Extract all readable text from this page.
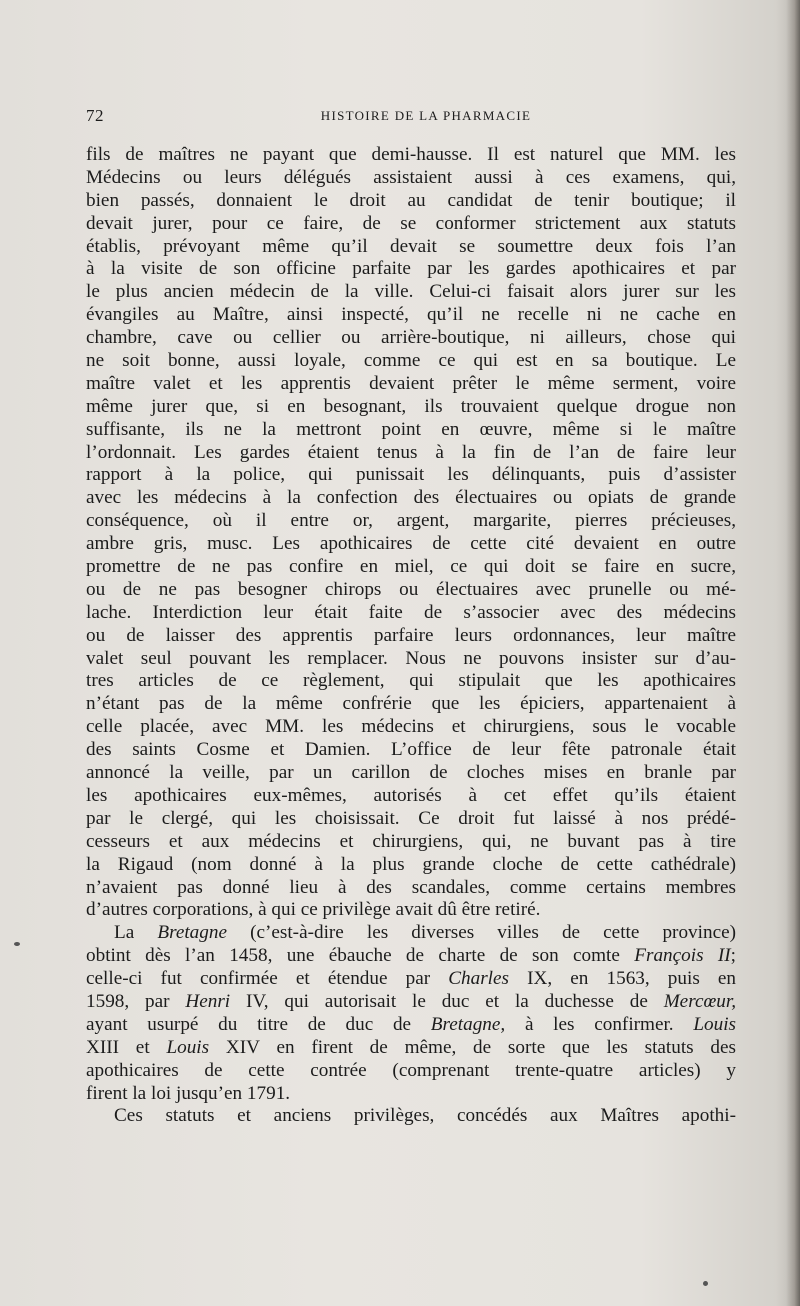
72	HISTOIRE DE LA PHARMACIE
fils de maîtres ne payant que demi-hausse. Il est naturel que MM. les
Médecins ou leurs délégués assistaient aussi à ces examens, qui,
bien passés, donnaient le droit au candidat de tenir boutique; il
devait jurer, pour ce faire, de se conformer strictement aux statuts
établis, prévoyant même qu’il devait se soumettre deux fois l’an
à la visite de son officine parfaite par les gardes apothicaires et par
le plus ancien médecin de la ville. Celui-ci faisait alors jurer sur les
évangiles au Maître, ainsi inspecté, qu’il ne recelle ni ne cache en
chambre, cave ou cellier ou arrière-boutique, ni ailleurs, chose qui
ne soit bonne, aussi loyale, comme ce qui est en sa boutique. Le
maître valet et les apprentis devaient prêter le même serment, voire
même jurer que, si en besognant, ils trouvaient quelque drogue non
suffisante, ils ne la mettront point en œuvre, même si le maître
l’ordonnait. Les gardes étaient tenus à la fin de l’an de faire leur
rapport à la police, qui punissait les délinquants, puis d’assister
avec les médecins à la confection des électuaires ou opiats de grande
conséquence, où il entre or, argent, margarite, pierres précieuses,
ambre gris, musc. Les apothicaires de cette cité devaient en outre
promettre de ne pas confire en miel, ce qui doit se faire en sucre,
ou de ne pas besogner chirops ou électuaires avec prunelle ou mé-
lache. Interdiction leur était faite de s’associer avec des médecins
ou de laisser des apprentis parfaire leurs ordonnances, leur maître
valet seul pouvant les remplacer. Nous ne pouvons insister sur d’au-
tres articles de ce règlement, qui stipulait que les apothicaires
n’étant pas de la même confrérie que les épiciers, appartenaient à
celle placée, avec MM. les médecins et chirurgiens, sous le vocable
des saints Cosme et Damien. L’office de leur fête patronale était
annoncé la veille, par un carillon de cloches mises en branle par
les apothicaires eux-mêmes, autorisés à cet effet qu’ils étaient
par le clergé, qui les choisissait. Ce droit fut laissé à nos prédé-
cesseurs et aux médecins et chirurgiens, qui, ne buvant pas à tire
la Rigaud (nom donné à la plus grande cloche de cette cathédrale)
n’avaient pas donné lieu à des scandales, comme certains membres
d’autres corporations, à qui ce privilège avait dû être retiré.
La Bretagne (c’est-à-dire les diverses villes de cette province)
obtint dès l’an 1458, une ébauche de charte de son comte François II;
celle-ci fut confirmée et étendue par Charles IX, en 1563, puis en
1598, par Henri IV, qui autorisait le duc et la duchesse de Mercœur,
ayant usurpé du titre de duc de Bretagne, à les confirmer. Louis
XIII et Louis XIV en firent de même, de sorte que les statuts des
apothicaires de cette contrée (comprenant trente-quatre articles) y
firent la loi jusqu’en 1791.
Ces statuts et anciens privilèges, concédés aux Maîtres apothi-
